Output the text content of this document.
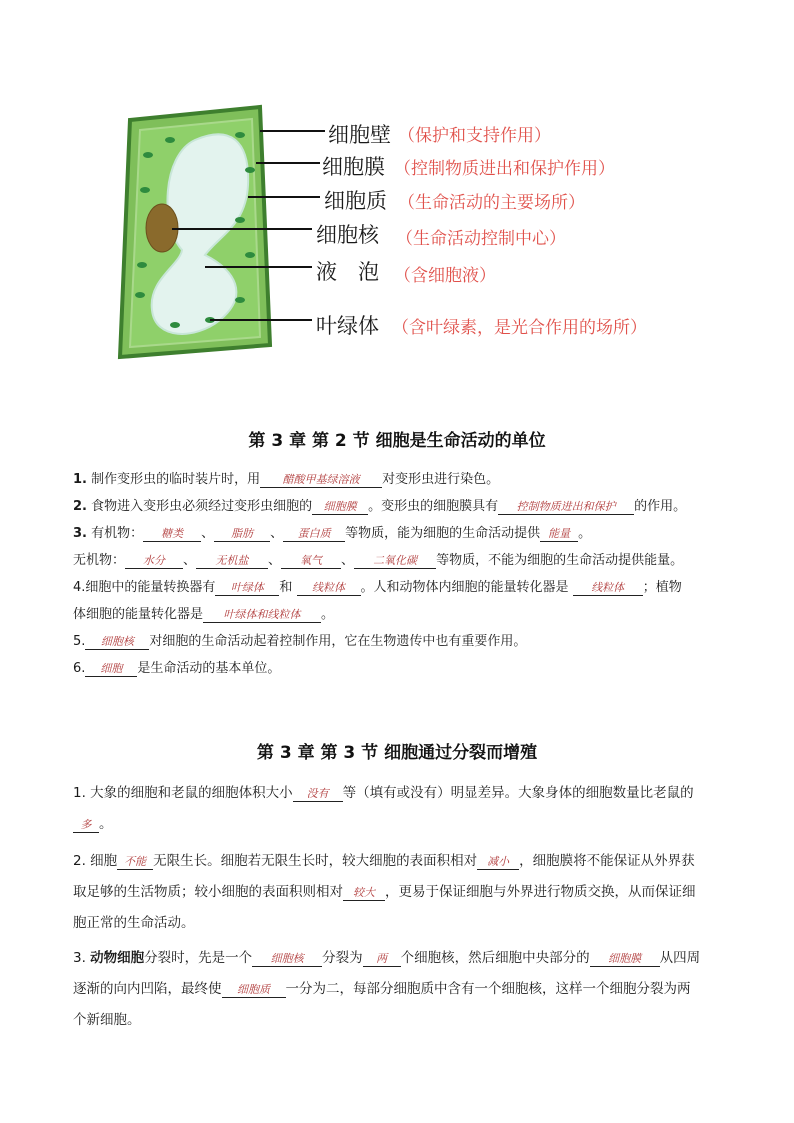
细胞壁 （保护和支持作用）
细胞膜 （控制物质进出和保护作用）
细胞质 （生命活动的主要场所）
细胞核 （生命活动控制中心）
液　泡 （含细胞液）
叶绿体 （含叶绿素，是光合作用的场所）
第 3 章 第 2 节 细胞是生命活动的单位
1. 制作变形虫的临时装片时，用 醋酸甲基绿溶液 对变形虫进行染色。
2. 食物进入变形虫必须经过变形虫细胞的 细胞膜 。变形虫的细胞膜具有 控制物质进出和保护 的作用。
3. 有机物： 糖类 、 脂肪 、 蛋白质 等物质，能为细胞的生命活动提供 能量 。
无机物： 水分 、 无机盐 、 氧气 、 二氧化碳 等物质，不能为细胞的生命活动提供能量。
4.细胞中的能量转换器有 叶绿体 和 线粒体 。人和动物体内细胞的能量转化器是 线粒体 ；植物
体细胞的能量转化器是 叶绿体和线粒体 。
5. 细胞核 对细胞的生命活动起着控制作用，它在生物遗传中也有重要作用。
6. 细胞 是生命活动的基本单位。
第 3 章 第 3 节 细胞通过分裂而增殖
1. 大象的细胞和老鼠的细胞体积大小 没有 等（填有或没有）明显差异。大象身体的细胞数量比老鼠的
多 。
2. 细胞 不能 无限生长。细胞若无限生长时，较大细胞的表面积相对 减小 ，细胞膜将不能保证从外界获
取足够的生活物质；较小细胞的表面积则相对 较大 ，更易于保证细胞与外界进行物质交换，从而保证细
胞正常的生命活动。
3. 动物细胞分裂时，先是一个 细胞核 分裂为 两 个细胞核，然后细胞中央部分的 细胞膜 从四周
逐渐的向内凹陷，最终使 细胞质 一分为二，每部分细胞质中含有一个细胞核，这样一个细胞分裂为两
个新细胞。
